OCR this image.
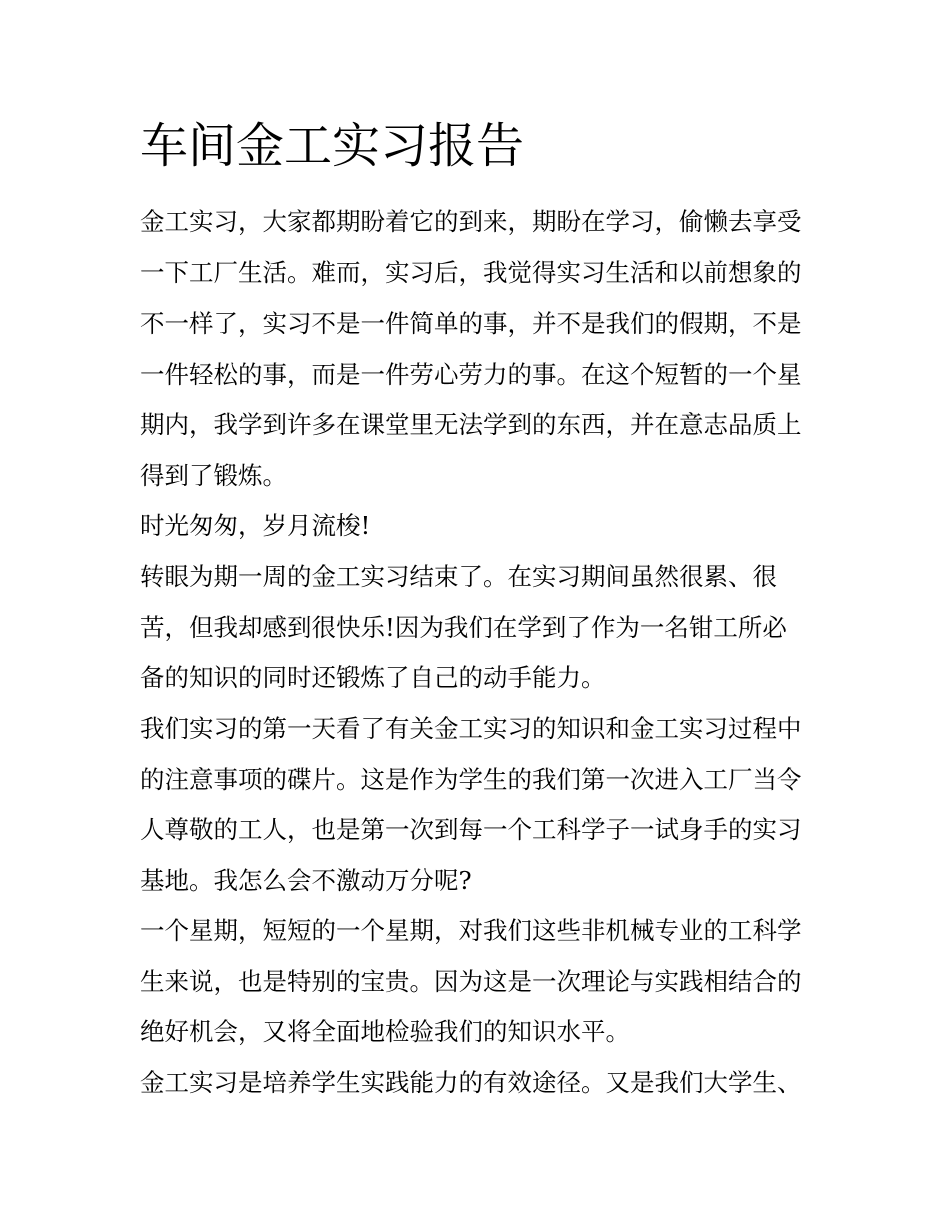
车间金工实习报告

金工实习，大家都期盼着它的到来，期盼在学习，偷懒去享受

一下工厂生活。难而，实习后，我觉得实习生活和以前想象的

不一样了，实习不是一件简单的事，并不是我们的假期，不是

一件轻松的事，而是一件劳心劳力的事。在这个短暂的一个星

期内，我学到许多在课堂里无法学到的东西，并在意志品质上

得到了锻炼。

时光匆匆，岁月流梭!

转眼为期一周的金工实习结束了。在实习期间虽然很累、很

苦，但我却感到很快乐!因为我们在学到了作为一名钳工所必

备的知识的同时还锻炼了自己的动手能力。

我们实习的第一天看了有关金工实习的知识和金工实习过程中

的注意事项的碟片。这是作为学生的我们第一次进入工厂当令

人尊敬的工人，也是第一次到每一个工科学子一试身手的实习

基地。我怎么会不激动万分呢?

一个星期，短短的一个星期，对我们这些非机械专业的工科学

生来说，也是特别的宝贵。因为这是一次理论与实践相结合的

绝好机会，又将全面地检验我们的知识水平。

金工实习是培养学生实践能力的有效途径。又是我们大学生、
